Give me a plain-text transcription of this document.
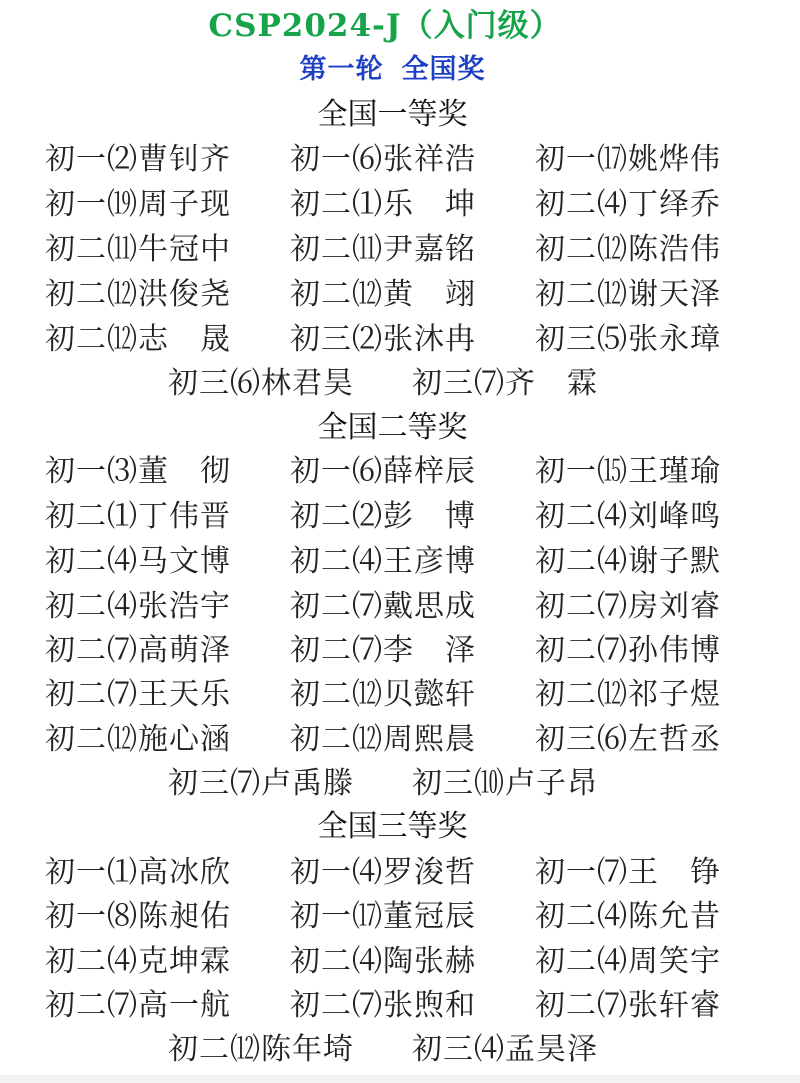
CSP2024-J（入门级）
第一轮 全国奖
全国一等奖
初一⑵曹钊齐 初一⑹张祥浩 初一⒄姚烨伟
初一⒆周子现 初二⑴乐　坤 初二⑷丁绎乔
初二⑾牛冠中 初二⑾尹嘉铭 初二⑿陈浩伟
初二⑿洪俊尧 初二⑿黄　翊 初二⑿谢天泽
初二⑿志　晟 初三⑵张沐冉 初三⑸张永璋
初三⑹林君昊 初三⑺齐　霖
全国二等奖
初一⑶董　彻 初一⑹薛梓辰 初一⒂王瑾瑜
初二⑴丁伟晋 初二⑵彭　博 初二⑷刘峰鸣
初二⑷马文博 初二⑷王彦博 初二⑷谢子默
初二⑷张浩宇 初二⑺戴思成 初二⑺房刘睿
初二⑺高萌泽 初二⑺李　泽 初二⑺孙伟博
初二⑺王天乐 初二⑿贝懿轩 初二⑿祁子煜
初二⑿施心涵 初二⑿周熙晨 初三⑹左哲丞
初三⑺卢禹滕 初三⑽卢子昂
全国三等奖
初一⑴高冰欣 初一⑷罗浚哲 初一⑺王　铮
初一⑻陈昶佑 初一⒄董冠辰 初二⑷陈允昔
初二⑷克坤霖 初二⑷陶张赫 初二⑷周笑宇
初二⑺高一航 初二⑺张煦和 初二⑺张轩睿
初二⑿陈年埼 初三⑷孟昊泽
